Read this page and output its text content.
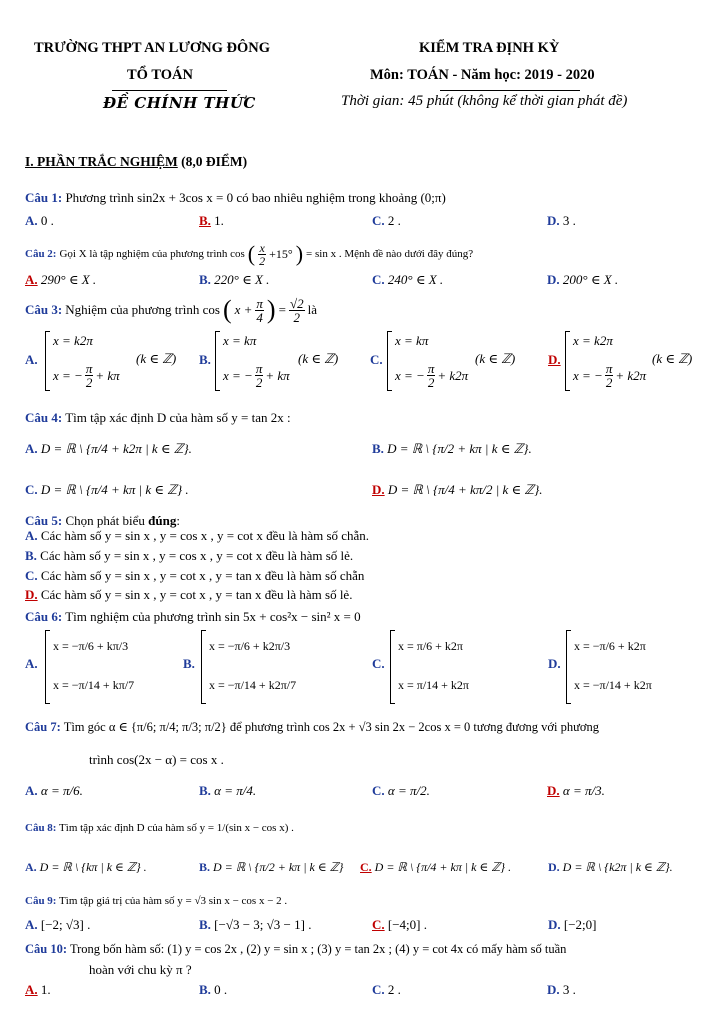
TRƯỜNG THPT AN LƯƠNG ĐÔNG
TỔ TOÁN
ĐỀ CHÍNH THỨC
KIỂM TRA ĐỊNH KỲ
Môn: TOÁN - Năm học: 2019 - 2020
Thời gian: 45 phút (không kể thời gian phát đề)
I. PHẦN TRẮC NGHIỆM (8,0 ĐIỂM)
Câu 1: Phương trình sin2x + 3cos x = 0 có bao nhiêu nghiệm trong khoảng (0;π)
A. 0 .	B. 1.	C. 2 .	D. 3 .
Câu 2: Gọi X là tập nghiệm của phương trình cos ( $\frac{x}{2} +15^\circ$ ) = sin x . Mệnh đề nào dưới đây đúng?
A. 290° ∈ X .	B. 220° ∈ X .	C. 240° ∈ X .	D. 200° ∈ X .
Câu 3: Nghiệm của phương trình cos ( $x + \frac{\pi}{4}$ ) = $\frac{√2}{2}$ là
A.
x = k2π
x = − $\frac{\pi}{2} + k\pi$
(k ∈ ℤ) B.
x = kπ
x = − $\frac{\pi}{2} + k\pi$
(k ∈ ℤ) C.
x = kπ
x = − $\frac{\pi}{2} + k2\pi$
(k ∈ ℤ)	D.
x = k2π
x = − $\frac{\pi}{2} + k2\pi$
(k ∈ ℤ)
Câu 4: Tìm tập xác định D của hàm số y = tan 2x :
A. D = ℝ \ {π/4 + k2π | k ∈ ℤ}.	B. D = ℝ \ {π/2 + kπ | k ∈ ℤ}.
C. D = ℝ \ {π/4 + kπ | k ∈ ℤ} .	D. D = ℝ \ {π/4 + kπ/2 | k ∈ ℤ}.
Câu 5: Chọn phát biểu đúng:
A. Các hàm số y = sin x , y = cos x , y = cot x đều là hàm số chẵn.
B. Các hàm số y = sin x , y = cos x , y = cot x đều là hàm số lẻ.
C. Các hàm số y = sin x , y = cot x , y = tan x đều là hàm số chẵn
D. Các hàm số y = sin x , y = cot x , y = tan x đều là hàm số lẻ.
Câu 6: Tìm nghiệm của phương trình sin 5x + cos²x − sin² x = 0
A.
x = −π/6 + kπ/3
x = −π/14 + kπ/7
B.
x = −π/6 + k2π/3
x = −π/14 + k2π/7
C.
x = π/6 + k2π
x = π/14 + k2π
D.
x = −π/6 + k2π
x = −π/14 + k2π
Câu 7: Tìm góc α ∈ {π/6; π/4; π/3; π/2} để phương trình cos 2x + √3 sin 2x − 2cos x = 0 tương đương với phương
trình cos(2x − α) = cos x .
A. α = π/6.	B. α = π/4.	C. α = π/2.	D. α = π/3.
Câu 8: Tìm tập xác định D của hàm số y = 1/(sin x − cos x) .
A. D = ℝ \ {kπ | k ∈ ℤ} .	B. D = ℝ \ {π/2 + kπ | k ∈ ℤ} C. D = ℝ \ {π/4 + kπ | k ∈ ℤ} .	D. D = ℝ \ {k2π | k ∈ ℤ}.
Câu 9: Tìm tập giá trị của hàm số y = √3 sin x − cos x − 2 .
A. [−2; √3] .	B. [−√3 − 3; √3 − 1] .	C. [−4;0] .	D. [−2;0]
Câu 10: Trong bốn hàm số: (1) y = cos 2x , (2) y = sin x ; (3) y = tan 2x ; (4) y = cot 4x có mấy hàm số tuần
hoàn với chu kỳ π ?
A. 1.	B. 0 .	C. 2 .	D. 3 .
